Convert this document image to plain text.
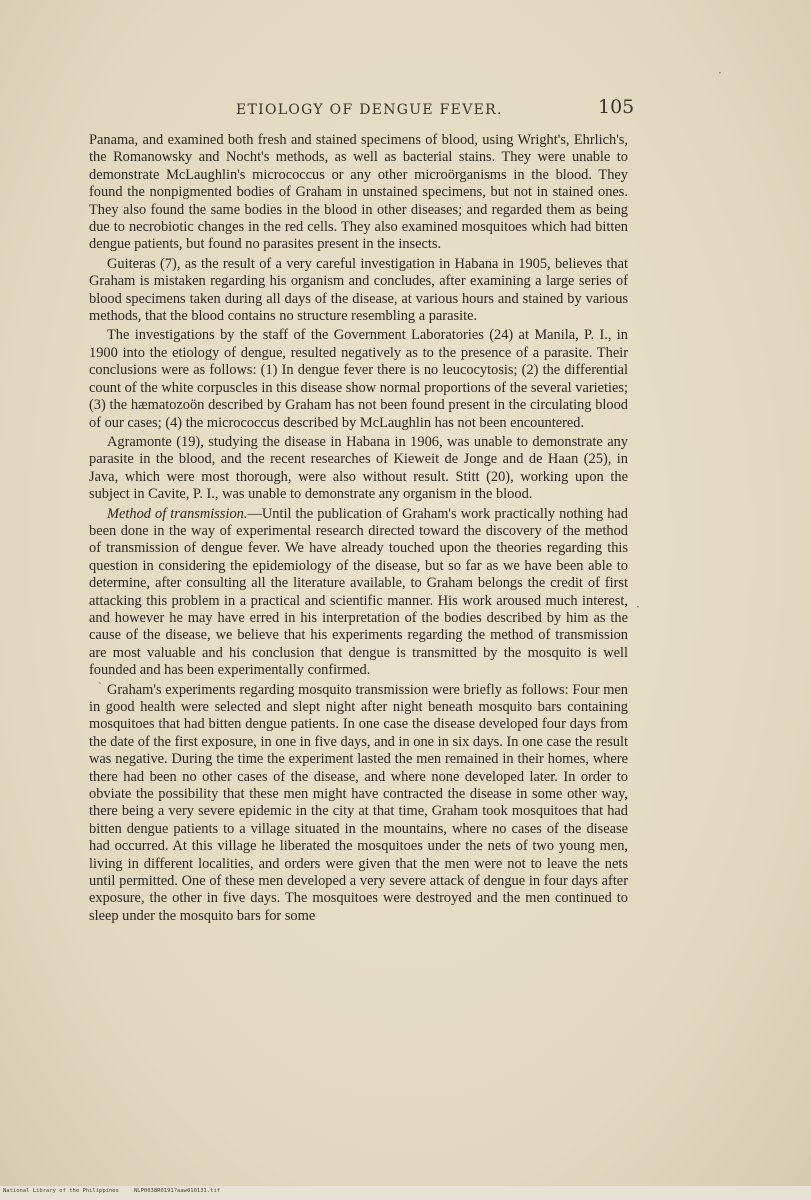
ETIOLOGY OF DENGUE FEVER.	105
·
·

Panama, and examined both fresh and stained specimens of blood, using Wright's, Ehrlich's, the Romanowsky and Nocht's methods, as well as bacterial stains. They were unable to demonstrate McLaughlin's micrococcus or any other microörganisms in the blood. They found the nonpigmented bodies of Graham in unstained specimens, but not in stained ones. They also found the same bodies in the blood in other diseases; and regarded them as being due to necrobiotic changes in the red cells. They also examined mosquitoes which had bitten dengue patients, but found no parasites present in the insects.

Guiteras (7), as the result of a very careful investigation in Habana in 1905, believes that Graham is mistaken regarding his organism and concludes, after examining a large series of blood specimens taken during all days of the disease, at various hours and stained by various methods, that the blood contains no structure resembling a parasite.

The investigations by the staff of the Government Laboratories (24) at Manila, P. I., in 1900 into the etiology of dengue, resulted negatively as to the presence of a parasite. Their conclusions were as follows: (1) In dengue fever there is no leucocytosis; (2) the differential count of the white corpuscles in this disease show normal proportions of the several varieties; (3) the hæmatozoön described by Graham has not been found present in the circulating blood of our cases; (4) the micrococcus described by McLaughlin has not been encountered.

Agramonte (19), studying the disease in Habana in 1906, was unable to demonstrate any parasite in the blood, and the recent researches of Kieweit de Jonge and de Haan (25), in Java, which were most thorough, were also without result. Stitt (20), working upon the subject in Cavite, P. I., was unable to demonstrate any organism in the blood.

Method of transmission.—Until the publication of Graham's work practically nothing had been done in the way of experimental research directed toward the discovery of the method of transmission of dengue fever. We have already touched upon the theories regarding this question in considering the epidemiology of the disease, but so far as we have been able to determine, after consulting all the literature available, to Graham belongs the credit of first attacking this problem in a practical and scientific manner. His work aroused much interest, and however he may have erred in his interpretation of the bodies described by him as the cause of the disease, we believe that his experiments regarding the method of transmission are most valuable and his conclusion that dengue is transmitted by the mosquito is well founded and has been experimentally confirmed.

ˋ Graham's experiments regarding mosquito transmission were briefly as follows: Four men in good health were selected and slept night after night beneath mosquito bars containing mosquitoes that had bitten dengue patients. In one case the disease developed four days from the date of the first exposure, in one in five days, and in one in six days. In one case the result was negative. During the time the experiment lasted the men remained in their homes, where there had been no other cases of the disease, and where none developed later. In order to obviate the possibility that these men might have contracted the disease in some other way, there being a very severe epidemic in the city at that time, Graham took mosquitoes that had bitten dengue patients to a village situated in the mountains, where no cases of the disease had occurred. At this village he liberated the mosquitoes under the nets of two young men, living in different localities, and orders were given that the men were not to leave the nets until permitted. One of these men developed a very severe attack of dengue in four days after exposure, the other in five days. The mosquitoes were destroyed and the men continued to sleep under the mosquito bars for some

National Library of the Philippines	NLP0038R0191?aaw010131.tif
